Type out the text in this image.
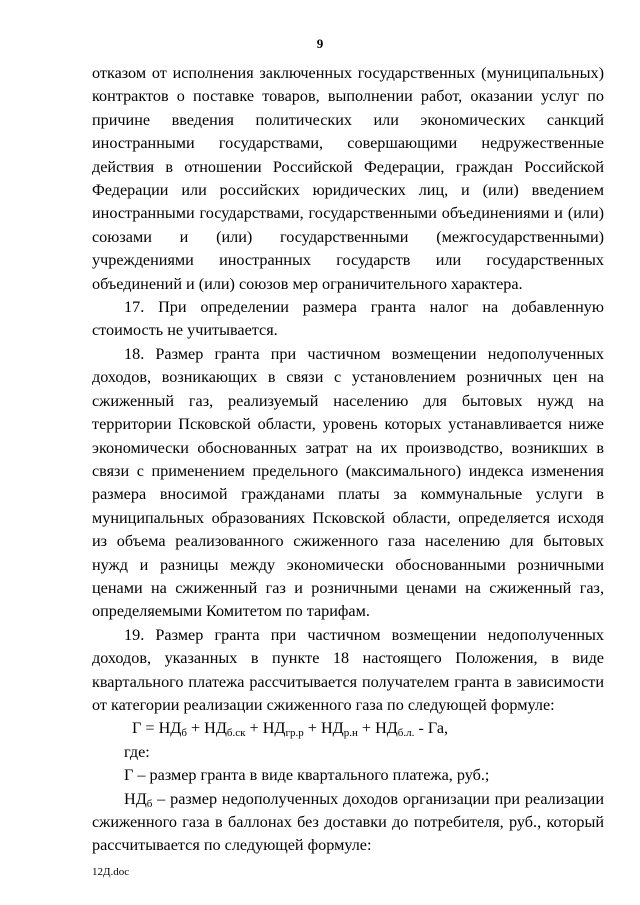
9

отказом от исполнения заключенных государственных (муниципальных) контрактов о поставке товаров, выполнении работ, оказании услуг по причине введения политических или экономических санкций иностранными государствами, совершающими недружественные действия в отношении Российской Федерации, граждан Российской Федерации или российских юридических лиц, и (или) введением иностранными государствами, государственными объединениями и (или) союзами и (или) государственными (межгосударственными) учреждениями иностранных государств или государственных объединений и (или) союзов мер ограничительного характера.

17. При определении размера гранта налог на добавленную стоимость не учитывается.

18. Размер гранта при частичном возмещении недополученных доходов, возникающих в связи с установлением розничных цен на сжиженный газ, реализуемый населению для бытовых нужд на территории Псковской области, уровень которых устанавливается ниже экономически обоснованных затрат на их производство, возникших в связи с применением предельного (максимального) индекса изменения размера вносимой гражданами платы за коммунальные услуги в муниципальных образованиях Псковской области, определяется исходя из объема реализованного сжиженного газа населению для бытовых нужд и разницы между экономически обоснованными розничными ценами на сжиженный газ и розничными ценами на сжиженный газ, определяемыми Комитетом по тарифам.

19. Размер гранта при частичном возмещении недополученных доходов, указанных в пункте 18 настоящего Положения, в виде квартального платежа рассчитывается получателем гранта в зависимости от категории реализации сжиженного газа по следующей формуле:

$Г = НД_б + НД_{б.ск} + НД_{гр.р} + НД_{р.н} + НД_{б.л.}$ - Га,

где:

Г – размер гранта в виде квартального платежа, руб.;

$НД_б$ – размер недополученных доходов организации при реализации сжиженного газа в баллонах без доставки до потребителя, руб., который рассчитывается по следующей формуле:

12Д.doc
